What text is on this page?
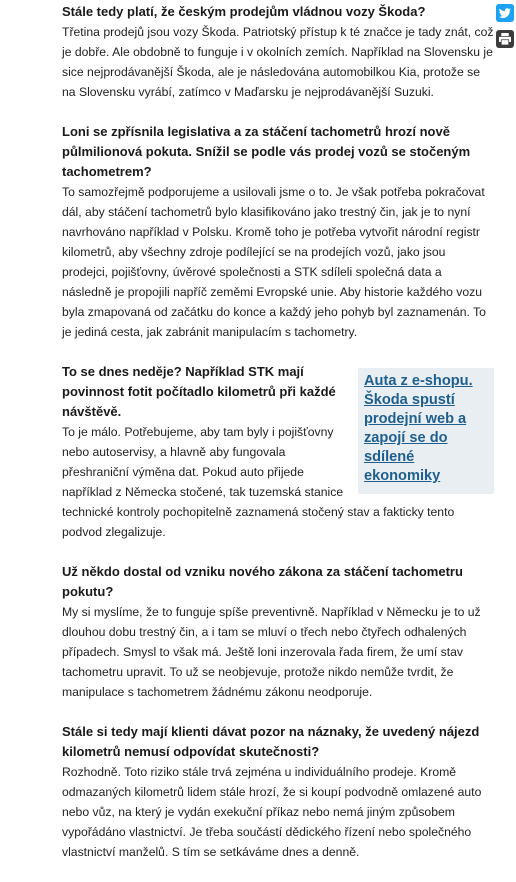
Stále tedy platí, že českým prodejům vládnou vozy Škoda?

Třetina prodejů jsou vozy Škoda. Patriotský přístup k té značce je tady znát, což je dobře. Ale obdobně to funguje i v okolních zemích. Například na Slovensku je sice nejprodávanější Škoda, ale je následována automobilkou Kia, protože se na Slovensku vyrábí, zatímco v Maďarsku je nejprodávanější Suzuki.

Loni se zpřísnila legislativa a za stáčení tachometrů hrozí nově půlmilionová pokuta. Snížil se podle vás prodej vozů se stočeným tachometrem?

To samozřejmě podporujeme a usilovali jsme o to. Je však potřeba pokračovat dál, aby stáčení tachometrů bylo klasifikováno jako trestný čin, jak je to nyní navrhováno například v Polsku. Kromě toho je potřeba vytvořit národní registr kilometrů, aby všechny zdroje podílející se na prodejích vozů, jako jsou prodejci, pojišťovny, úvěrové společnosti a STK sdíleli společná data a následně je propojili napříč zeměmi Evropské unie. Aby historie každého vozu byla zmapovaná od začátku do konce a každý jeho pohyb byl zaznamenán. To je jediná cesta, jak zabránit manipulacím s tachometry.

Auta z e-shopu. Škoda spustí prodejní web a zapojí se do sdílené ekonomiky

To se dnes neděje? Například STK mají povinnost fotit počítadlo kilometrů při každé návštěvě.

To je málo. Potřebujeme, aby tam byly i pojišťovny nebo autoservisy, a hlavně aby fungovala přeshraniční výměna dat. Pokud auto přijede například z Německa stočené, tak tuzemská stanice technické kontroly pochopitelně zaznamená stočený stav a fakticky tento podvod zlegalizuje.

Už někdo dostal od vzniku nového zákona za stáčení tachometru pokutu?

My si myslíme, že to funguje spíše preventivně. Například v Německu je to už dlouhou dobu trestný čin, a i tam se mluví o třech nebo čtyřech odhalených případech. Smysl to však má. Ještě loni inzerovala řada firem, že umí stav tachometru upravit. To už se neobjevuje, protože nikdo nemůže tvrdit, že manipulace s tachometrem žádnému zákonu neodporuje.

Stále si tedy mají klienti dávat pozor na náznaky, že uvedený nájezd kilometrů nemusí odpovídat skutečnosti?

Rozhodně. Toto riziko stále trvá zejména u individuálního prodeje. Kromě odmazaných kilometrů lidem stále hrozí, že si koupí podvodně omlazené auto nebo vůz, na který je vydán exekuční příkaz nebo nemá jiným způsobem vypořádáno vlastnictví. Je třeba součástí dědického řízení nebo společného vlastnictví manželů. S tím se setkáváme dnes a denně.
